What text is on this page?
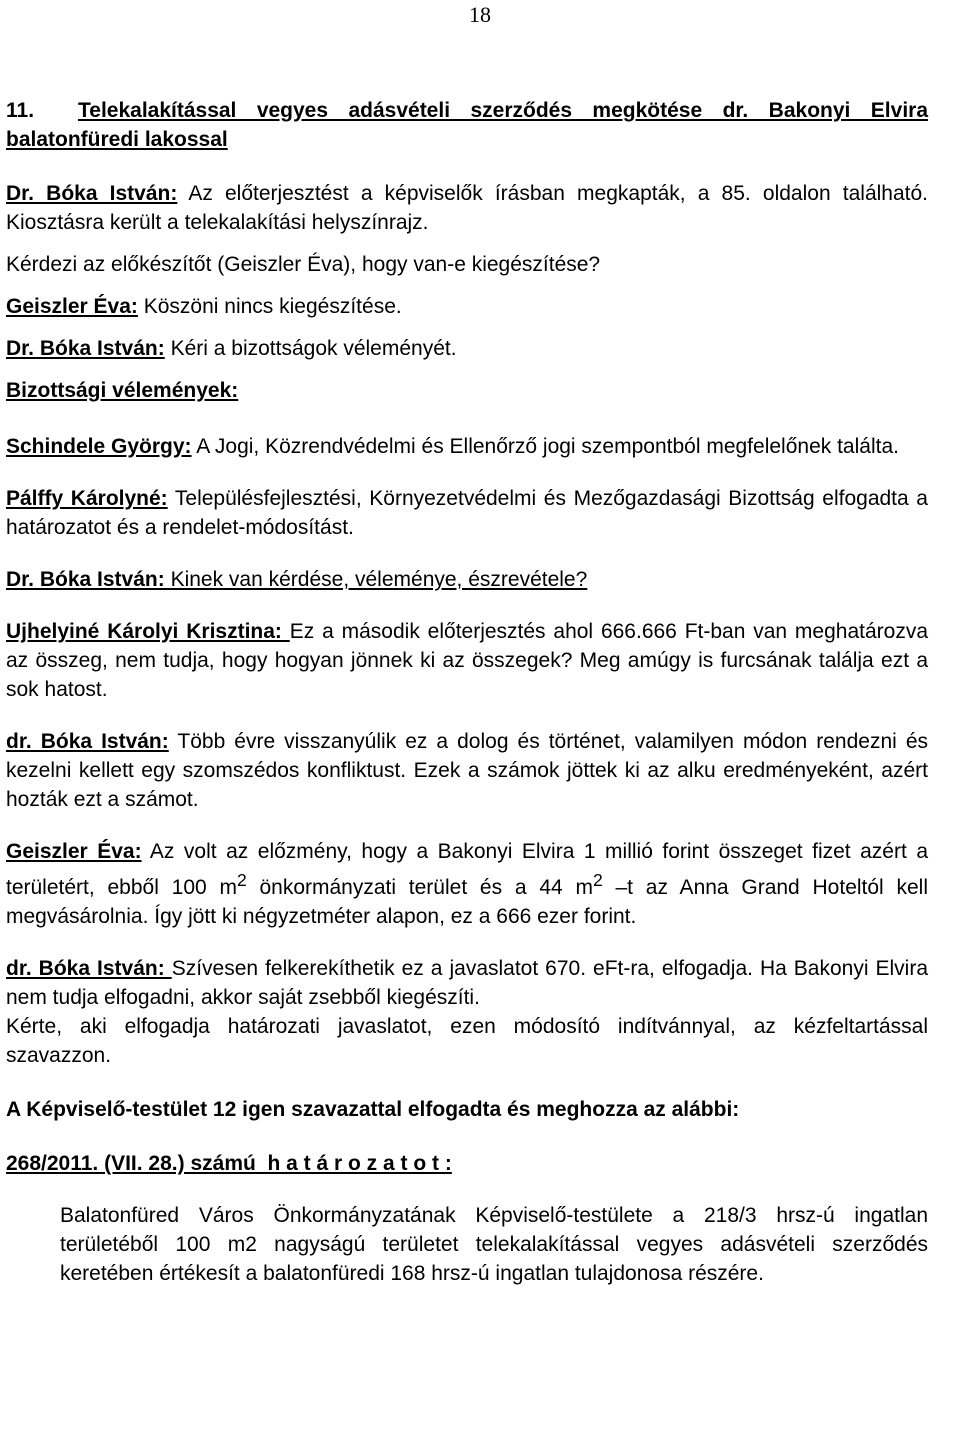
18

11. Telekalakítással vegyes adásvételi szerződés megkötése dr. Bakonyi Elvira balatonfüredi lakossal

Dr. Bóka István: Az előterjesztést a képviselők írásban megkapták, a 85. oldalon található. Kiosztásra került a telekalakítási helyszínrajz.

Kérdezi az előkészítőt (Geiszler Éva), hogy van-e kiegészítése?

Geiszler Éva: Köszöni nincs kiegészítése.

Dr. Bóka István: Kéri a bizottságok véleményét.

Bizottsági vélemények:

Schindele György: A Jogi, Közrendvédelmi és Ellenőrző jogi szempontból megfelelőnek találta.

Pálffy Károlyné: Településfejlesztési, Környezetvédelmi és Mezőgazdasági Bizottság elfogadta a határozatot és a rendelet-módosítást.

Dr. Bóka István: Kinek van kérdése, véleménye, észrevétele?

Ujhelyiné Károlyi Krisztina: Ez a második előterjesztés ahol 666.666 Ft-ban van meghatározva az összeg, nem tudja, hogy hogyan jönnek ki az összegek? Meg amúgy is furcsának találja ezt a sok hatost.

dr. Bóka István: Több évre visszanyúlik ez a dolog és történet, valamilyen módon rendezni és kezelni kellett egy szomszédos konfliktust. Ezek a számok jöttek ki az alku eredményeként, azért hozták ezt a számot.

Geiszler Éva: Az volt az előzmény, hogy a Bakonyi Elvira 1 millió forint összeget fizet azért a területért, ebből 100 $m^2$ önkormányzati terület és a 44 $m^2$ –t az Anna Grand Hoteltól kell megvásárolnia. Így jött ki négyzetméter alapon, ez a 666 ezer forint.

dr. Bóka István: Szívesen felkerekíthetik ez a javaslatot 670. eFt-ra, elfogadja. Ha Bakonyi Elvira nem tudja elfogadni, akkor saját zsebből kiegészíti.

Kérte, aki elfogadja határozati javaslatot, ezen módosító indítvánnyal, az kézfeltartással szavazzon.

A Képviselő-testület 12 igen szavazattal elfogadta és meghozza az alábbi:

268/2011. (VII. 28.) számú  h a t á r o z a t o t :

Balatonfüred Város Önkormányzatának Képviselő-testülete a 218/3 hrsz-ú ingatlan területéből 100 m2 nagyságú területet telekalakítással vegyes adásvételi szerződés keretében értékesít a balatonfüredi 168 hrsz-ú ingatlan tulajdonosa részére.
